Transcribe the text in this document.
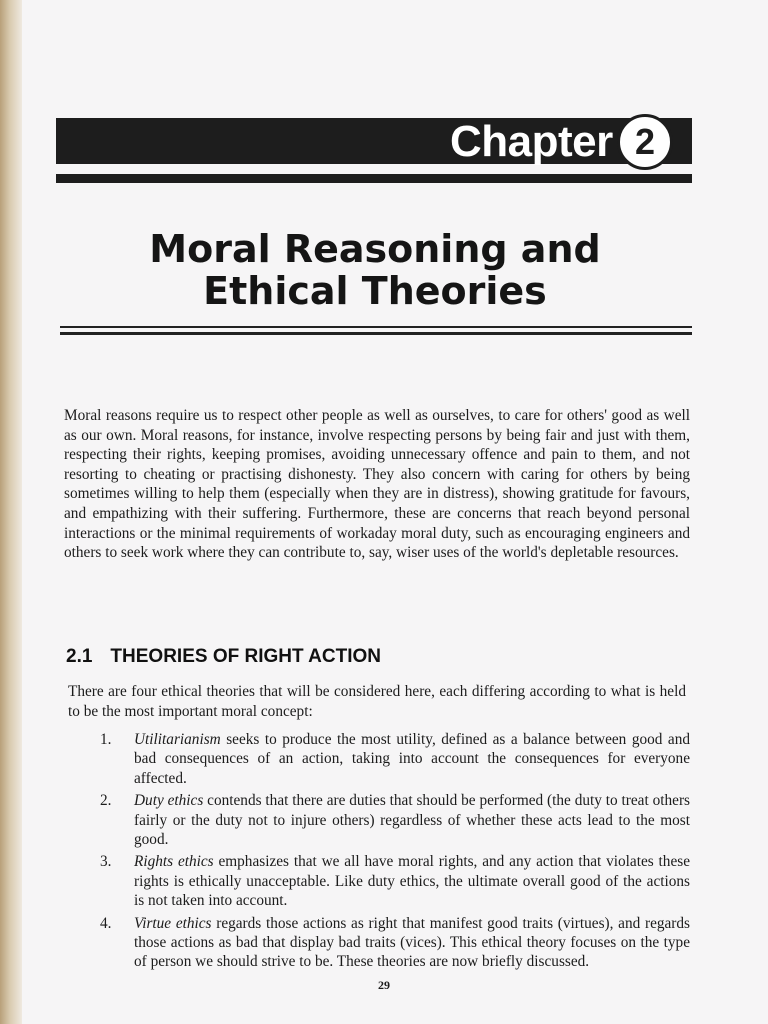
Chapter 2
Moral Reasoning and
Ethical Theories

Moral reasons require us to respect other people as well as ourselves, to care for others' good as well as our own. Moral reasons, for instance, involve respecting persons by being fair and just with them, respecting their rights, keeping promises, avoiding unnecessary offence and pain to them, and not resorting to cheating or practising dishonesty. They also concern with caring for others by being sometimes willing to help them (especially when they are in distress), showing gratitude for favours, and empathizing with their suffering. Furthermore, these are concerns that reach beyond personal interactions or the minimal requirements of workaday moral duty, such as encouraging engineers and others to seek work where they can contribute to, say, wiser uses of the world's depletable resources.

2.1 THEORIES OF RIGHT ACTION

There are four ethical theories that will be considered here, each differing according to what is held to be the most important moral concept:

1.	Utilitarianism seeks to produce the most utility, defined as a balance between good and bad consequences of an action, taking into account the consequences for everyone affected.
2.	Duty ethics contends that there are duties that should be performed (the duty to treat others fairly or the duty not to injure others) regardless of whether these acts lead to the most good.
3.	Rights ethics emphasizes that we all have moral rights, and any action that violates these rights is ethically unacceptable. Like duty ethics, the ultimate overall good of the actions is not taken into account.
4.	Virtue ethics regards those actions as right that manifest good traits (virtues), and regards those actions as bad that display bad traits (vices). This ethical theory focuses on the type of person we should strive to be. These theories are now briefly discussed.
29
